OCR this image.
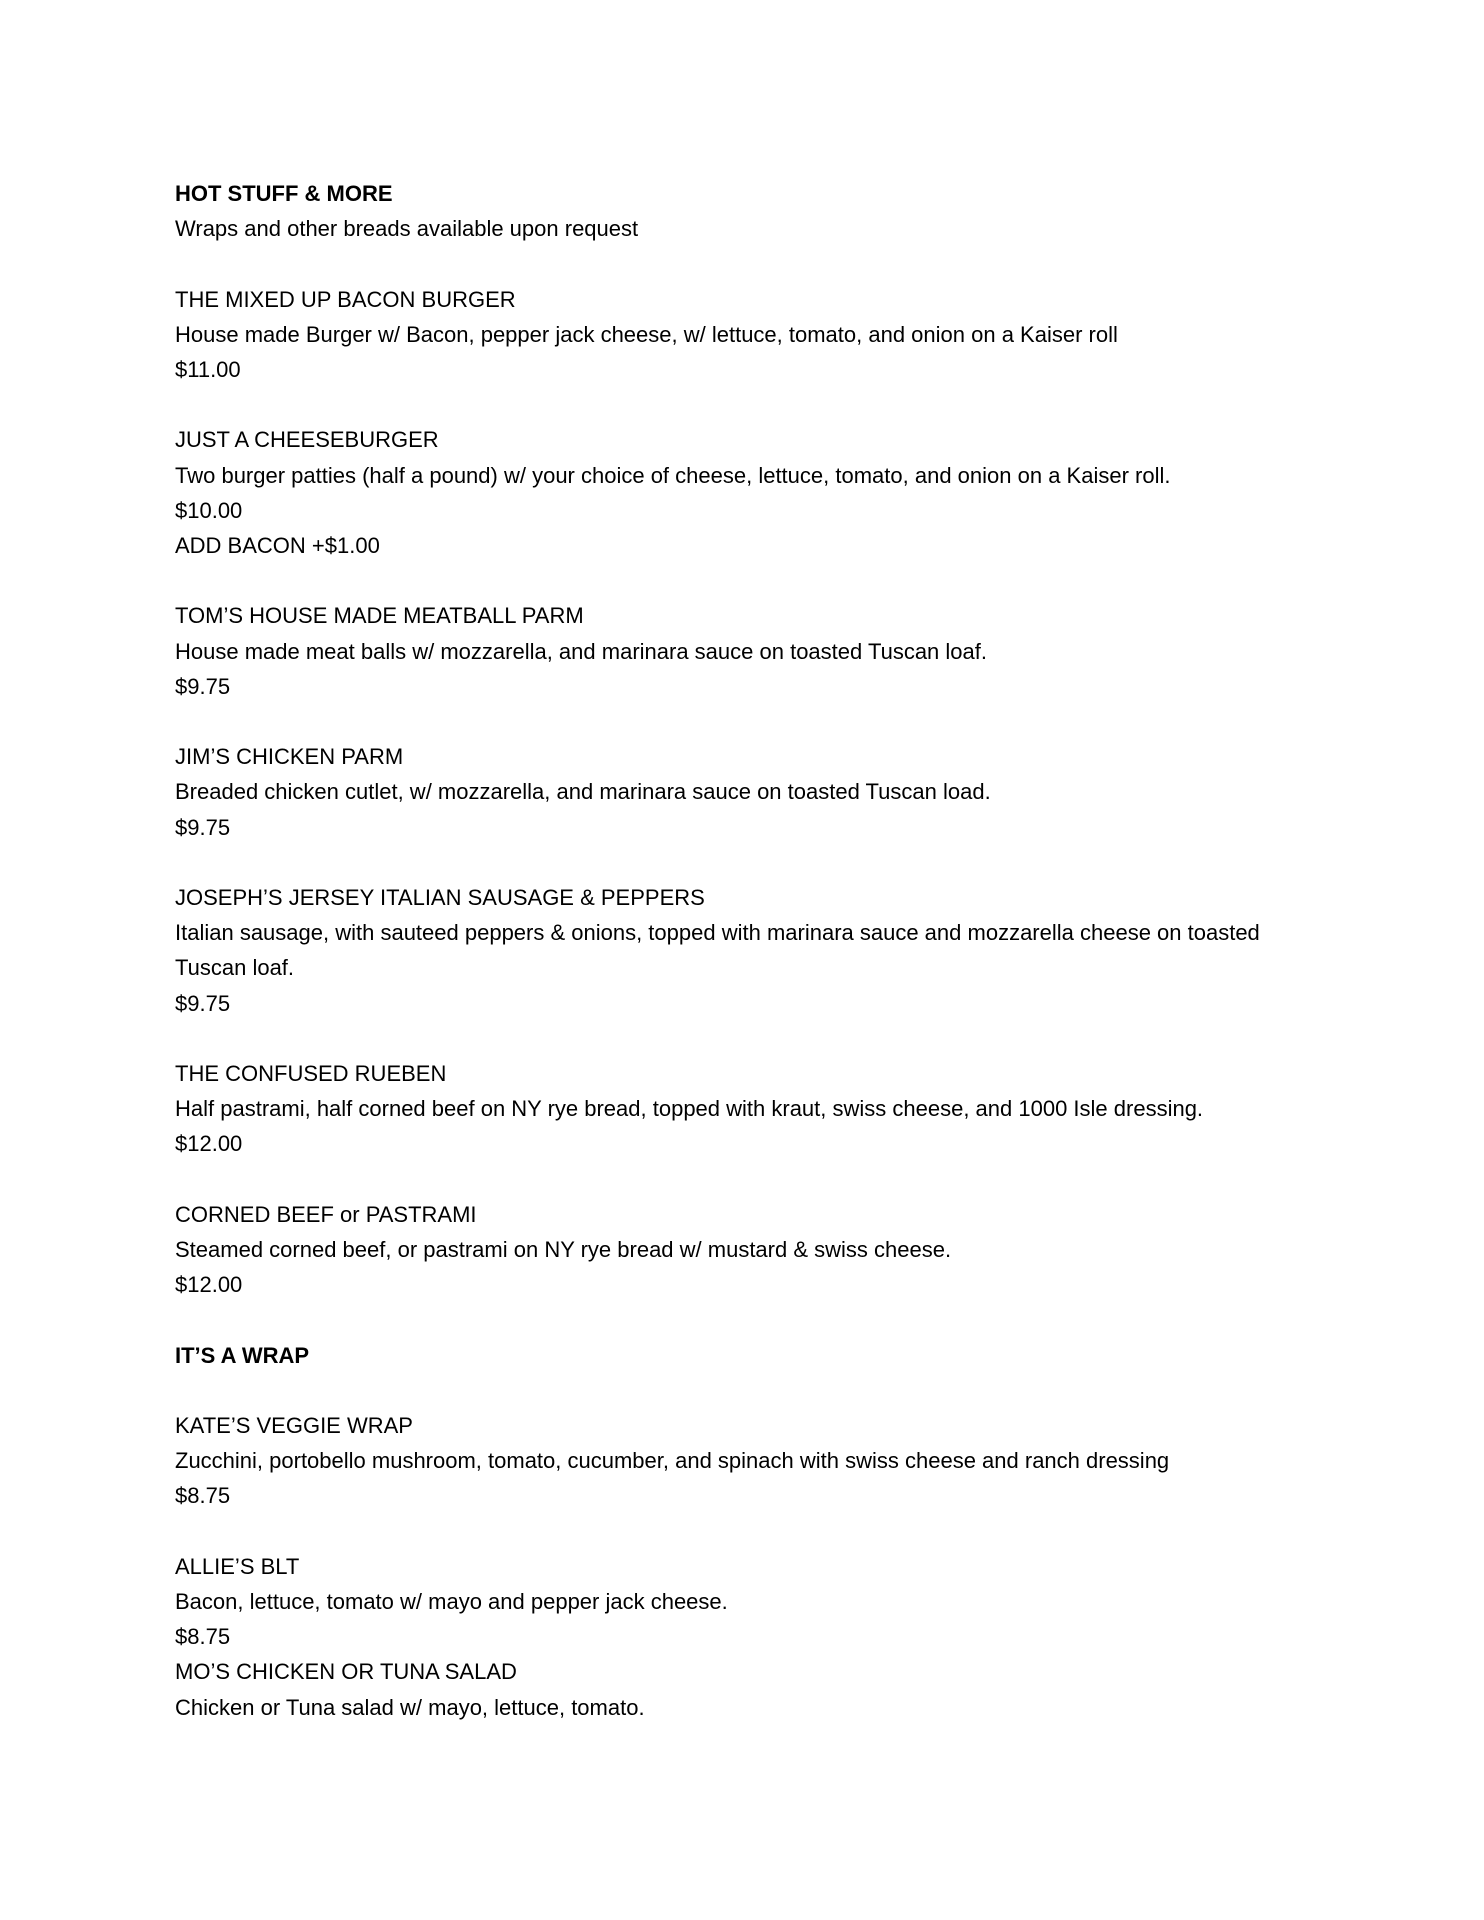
HOT STUFF & MORE
Wraps and other breads available upon request
THE MIXED UP BACON BURGER
House made Burger w/ Bacon, pepper jack cheese, w/ lettuce, tomato, and onion on a Kaiser roll
$11.00
JUST A CHEESEBURGER
Two burger patties (half a pound) w/ your choice of cheese, lettuce, tomato, and onion on a Kaiser roll.
$10.00
ADD BACON +$1.00
TOM’S HOUSE MADE MEATBALL PARM
House made meat balls w/ mozzarella, and marinara sauce on toasted Tuscan loaf.
$9.75
JIM’S CHICKEN PARM
Breaded chicken cutlet, w/ mozzarella, and marinara sauce on toasted Tuscan load.
$9.75
JOSEPH’S JERSEY ITALIAN SAUSAGE & PEPPERS
Italian sausage, with sauteed peppers & onions, topped with marinara sauce and mozzarella cheese on toasted Tuscan loaf.
$9.75
THE CONFUSED RUEBEN
Half pastrami, half corned beef on NY rye bread, topped with kraut, swiss cheese, and 1000 Isle dressing.
$12.00
CORNED BEEF or PASTRAMI
Steamed corned beef, or pastrami on NY rye bread w/ mustard & swiss cheese.
$12.00
IT’S A WRAP
KATE’S VEGGIE WRAP
Zucchini, portobello mushroom, tomato, cucumber, and spinach with swiss cheese and ranch dressing
$8.75
ALLIE’S BLT
Bacon, lettuce, tomato w/ mayo and pepper jack cheese.
$8.75
MO’S CHICKEN OR TUNA SALAD
Chicken or Tuna salad w/ mayo, lettuce, tomato.
